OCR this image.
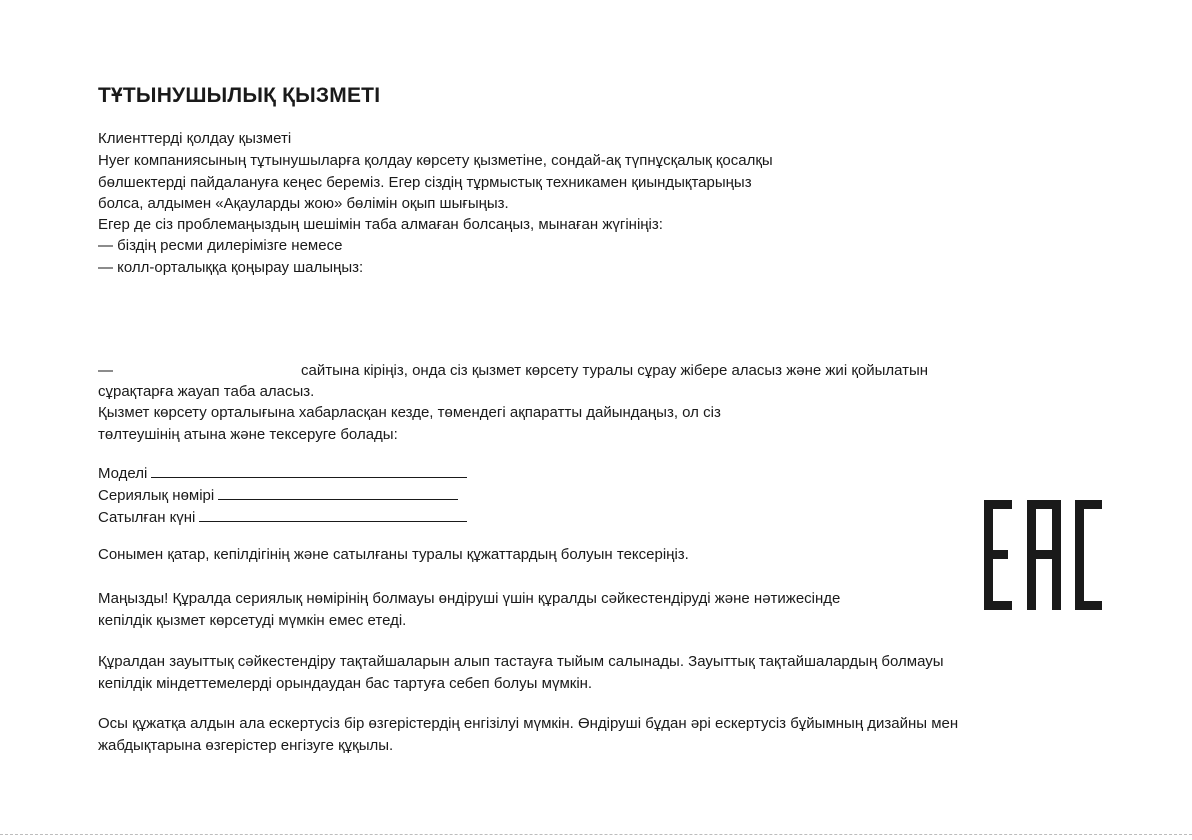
ТҰТЫНУШЫЛЫҚ ҚЫЗМЕТІ

Клиенттерді қолдау қызметі

Hyer компаниясының тұтынушыларға қолдау көрсету қызметіне, сондай-ақ түпнұсқалық қосалқы

бөлшектерді пайдалануға кеңес береміз. Егер сіздің тұрмыстық техникамен қиындықтарыңыз

болса, алдымен «Ақауларды жою» бөлімін оқып шығыңыз.

Егер де сіз проблемаңыздың шешімін таба алмаған болсаңыз, мынаған жүгініңіз:

— біздің ресми дилерімізге немесе

— колл-орталыққа қоңырау шалыңыз:

—	сайтына кіріңіз, онда сіз қызмет көрсету туралы сұрау жібере аласыз және жиі қойылатын

сұрақтарға жауап таба аласыз.

Қызмет көрсету орталығына хабарласқан кезде, төмендегі ақпаратты дайындаңыз, ол сіз

төлтеушінің атына және тексеруге болады:

Моделі

Сериялық нөмірі

Сатылған күні

Сонымен қатар, кепілдігінің және сатылғаны туралы құжаттардың болуын тексеріңіз.

Маңызды! Құралда сериялық нөмірінің болмауы өндіруші үшін құралды сәйкестендіруді және нәтижесінде

кепілдік қызмет көрсетуді мүмкін емес етеді.

Құралдан зауыттық сәйкестендіру тақтайшаларын алып тастауға тыйым салынады. Зауыттық тақтайшалардың болмауы

кепілдік міндеттемелерді орындаудан бас тартуға себеп болуы мүмкін.

Осы құжатқа алдын ала ескертусіз бір өзгерістердің енгізілуі мүмкін. Өндіруші бұдан әрі ескертусіз бұйымның дизайны мен

жабдықтарына өзгерістер енгізуге құқылы.
